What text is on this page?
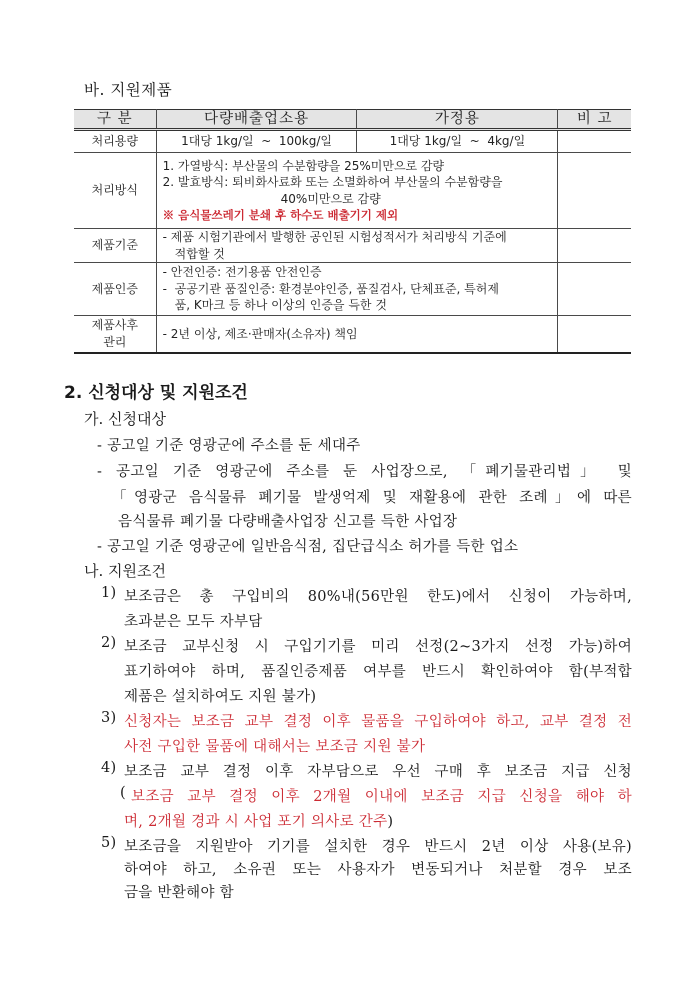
바. 지원제품
구 분	다량배출업소용	가정용	비 고
처리용량	1대당 1kg/일  ~  100kg/일	1대당 1kg/일  ~  4kg/일	
처리방식	1. 가열방식: 부산물의 수분함량을 25%미만으로 감량
2. 발효방식: 퇴비화사료화 또는 소멸화하여 부산물의 수분함량을
40%미만으로 감량
※ 음식물쓰레기 분쇄 후 하수도 배출기기 제외		

제품기준	- 제품 시험기관에서 발행한 공인된 시험성적서가 처리방식 기준에
적합할 것		

제품인증	- 안전인증: 전기용품 안전인증
-  공공기관 품질인증: 환경분야인증, 품질검사, 단체표준, 특허제
품, K마크 등 하나 이상의 인증을 득한 것		

제품사후
관리	- 2년 이상, 제조·판매자(소유자) 책임		
2. 신청대상 및 지원조건
가. 신청대상
- 공고일 기준 영광군에 주소를 둔 세대주
- 공고일 기준 영광군에 주소를 둔 사업장으로, 「폐기물관리법」 및
「영광군 음식물류 폐기물 발생억제 및 재활용에 관한 조례」에 따른
음식물류 폐기물 다량배출사업장 신고를 득한 사업장
- 공고일 기준 영광군에 일반음식점, 집단급식소 허가를 득한 업소
나. 지원조건
1) 보조금은 총 구입비의 80%내(56만원 한도)에서 신청이 가능하며,
초과분은 모두 자부담
2) 보조금 교부신청 시 구입기기를 미리 선정(2~3가지 선정 가능)하여
표기하여야 하며, 품질인증제품 여부를 반드시 확인하여야 함(부적합
제품은 설치하여도 지원 불가)
3) 신청자는 보조금 교부 결정 이후 물품을 구입하여야 하고, 교부 결정 전
사전 구입한 물품에 대해서는 보조금 지원 불가
4) 보조금 교부 결정 이후 자부담으로 우선 구매 후 보조금 지급 신청
( 보조금 교부 결정 이후 2개월 이내에 보조금 지급 신청을 해야 하
며, 2개월 경과 시 사업 포기 의사로 간주)
5) 보조금을 지원받아 기기를 설치한 경우 반드시 2년 이상 사용(보유)
하여야 하고, 소유권 또는 사용자가 변동되거나 처분할 경우 보조
금을 반환해야 함
